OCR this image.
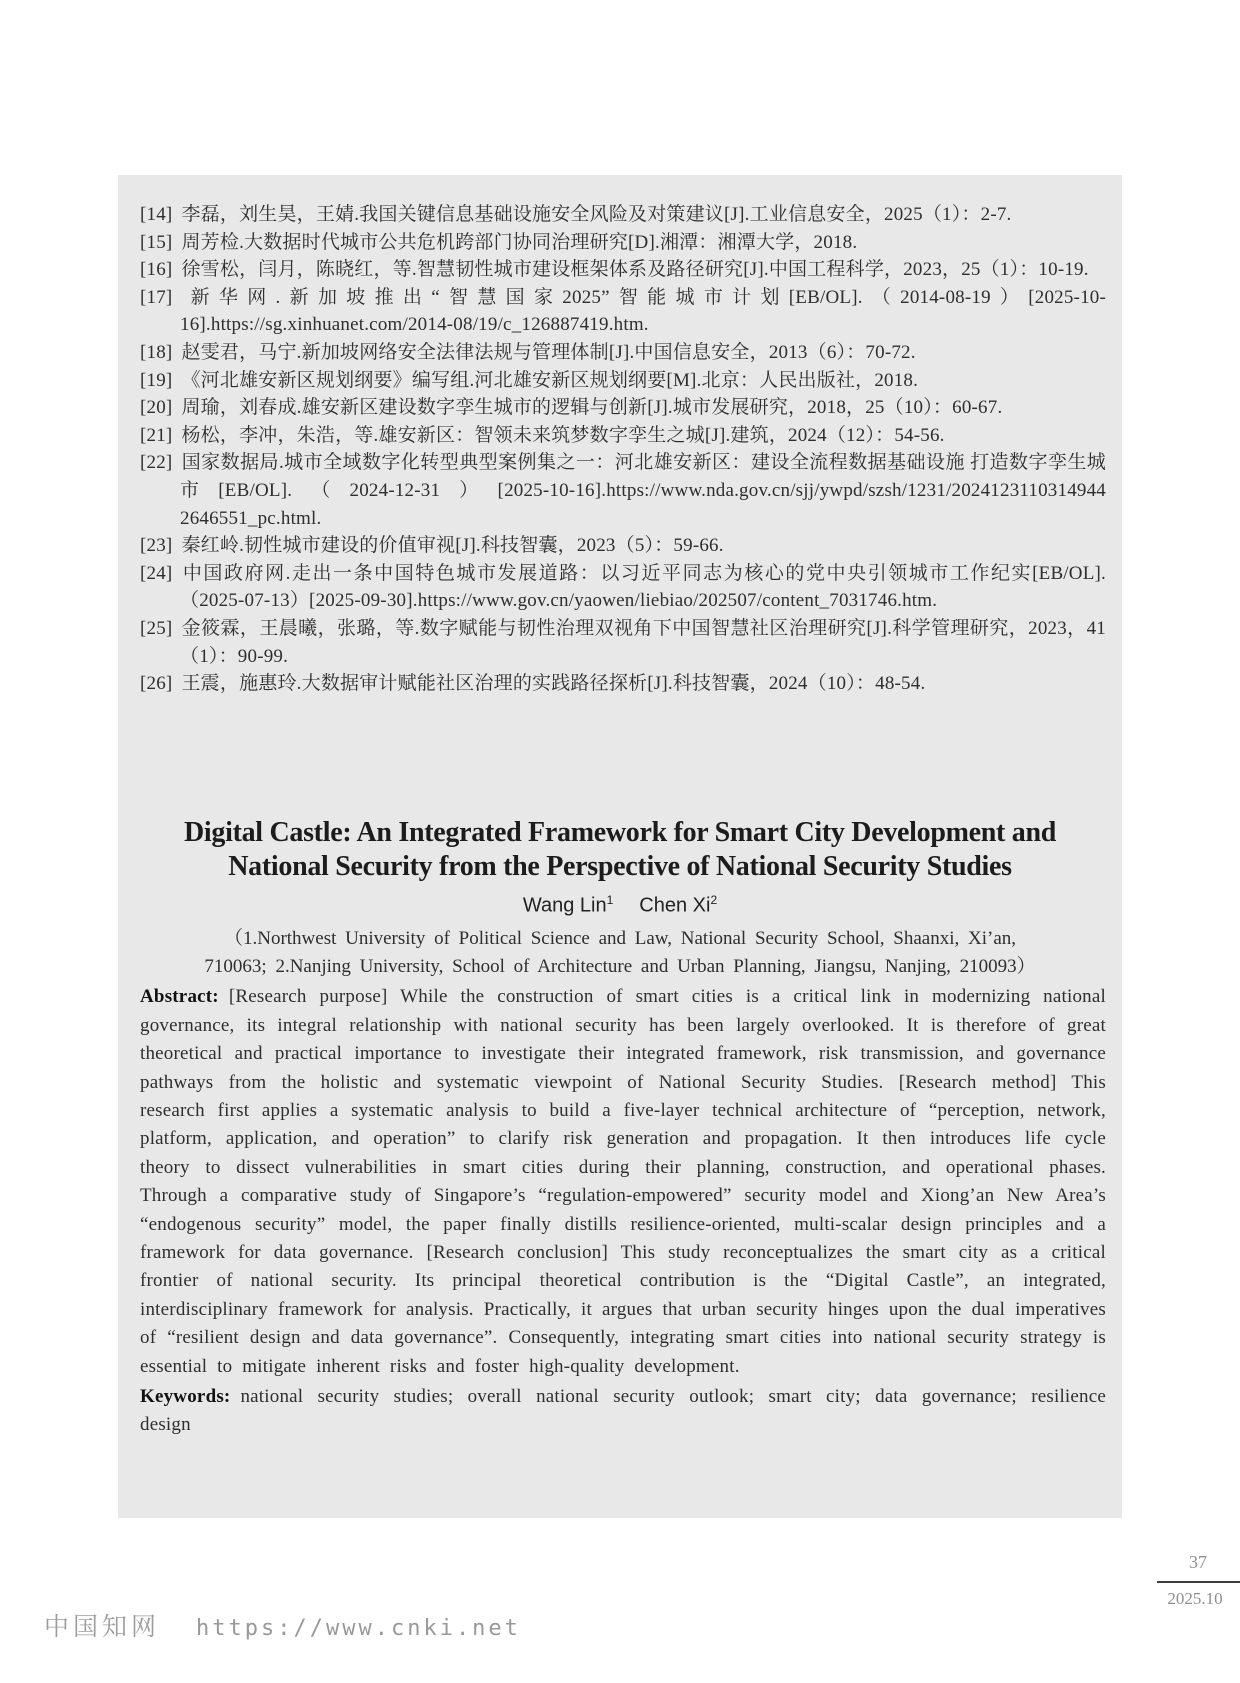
[14] 李磊，刘生昊，王婧.我国关键信息基础设施安全风险及对策建议[J].工业信息安全，2025（1）：2-7.
[15] 周芳检.大数据时代城市公共危机跨部门协同治理研究[D].湘潭：湘潭大学，2018.
[16] 徐雪松，闫月，陈晓红，等.智慧韧性城市建设框架体系及路径研究[J].中国工程科学，2023，25（1）：10-19.
[17] 新华网.新加坡推出“智慧国家2025”智能城市计划[EB/OL].（2014-08-19）[2025-10-16].https://sg.xinhuanet.com/2014-08/19/c_126887419.htm.
[18] 赵雯君，马宁.新加坡网络安全法律法规与管理体制[J].中国信息安全，2013（6）：70-72.
[19] 《河北雄安新区规划纲要》编写组.河北雄安新区规划纲要[M].北京：人民出版社，2018.
[20] 周瑜，刘春成.雄安新区建设数字孪生城市的逻辑与创新[J].城市发展研究，2018，25（10）：60-67.
[21] 杨松，李冲，朱浩，等.雄安新区：智领未来筑梦数字孪生之城[J].建筑，2024（12）：54-56.
[22] 国家数据局.城市全域数字化转型典型案例集之一：河北雄安新区：建设全流程数据基础设施 打造数字孪生城市[EB/OL].（2024-12-31）[2025-10-16].https://www.nda.gov.cn/sjj/ywpd/szsh/1231/2024123110314944 2646551_pc.html.
[23] 秦红岭.韧性城市建设的价值审视[J].科技智囊，2023（5）：59-66.
[24] 中国政府网.走出一条中国特色城市发展道路：以习近平同志为核心的党中央引领城市工作纪实[EB/OL].（2025-07-13）[2025-09-30].https://www.gov.cn/yaowen/liebiao/202507/content_7031746.htm.
[25] 金筱霖，王晨曦，张璐，等.数字赋能与韧性治理双视角下中国智慧社区治理研究[J].科学管理研究，2023，41（1）：90-99.
[26] 王震，施惠玲.大数据审计赋能社区治理的实践路径探析[J].科技智囊，2024（10）：48-54.
Digital Castle: An Integrated Framework for Smart City Development and
National Security from the Perspective of National Security Studies
Wang Lin$^1$ Chen Xi$^2$
（1.Northwest University of Political Science and Law, National Security School, Shaanxi, Xi’an,
710063; 2.Nanjing University, School of Architecture and Urban Planning, Jiangsu, Nanjing, 210093）

Abstract: [Research purpose] While the construction of smart cities is a critical link in modernizing national governance, its integral relationship with national security has been largely overlooked. It is therefore of great theoretical and practical importance to investigate their integrated framework, risk transmission, and governance pathways from the holistic and systematic viewpoint of National Security Studies. [Research method] This research first applies a systematic analysis to build a five-layer technical architecture of “perception, network, platform, application, and operation” to clarify risk generation and propagation. It then introduces life cycle theory to dissect vulnerabilities in smart cities during their planning, construction, and operational phases. Through a comparative study of Singapore’s “regulation-empowered” security model and Xiong’an New Area’s “endogenous security” model, the paper finally distills resilience-oriented, multi-scalar design principles and a framework for data governance. [Research conclusion] This study reconceptualizes the smart city as a critical frontier of national security. Its principal theoretical contribution is the “Digital Castle”, an integrated, interdisciplinary framework for analysis. Practically, it argues that urban security hinges upon the dual imperatives of “resilient design and data governance”. Consequently, integrating smart cities into national security strategy is essential to mitigate inherent risks and foster high-quality development.

Keywords: national security studies; overall national security outlook; smart city; data governance; resilience design

37
2025.10
中国知网 https://www.cnki.net
